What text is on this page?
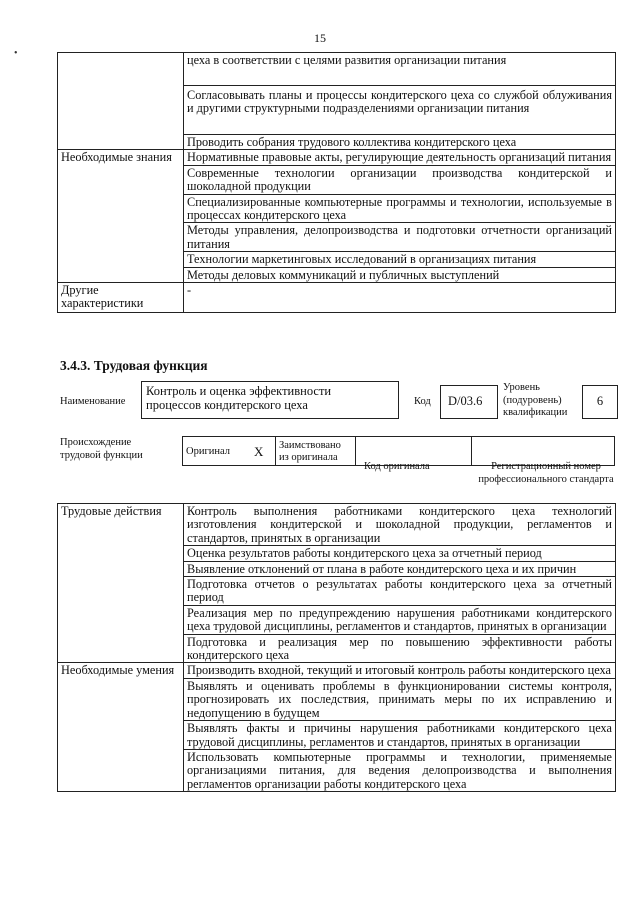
15
•
		цеха в соответствии с целями развития организации питания
	Согласовывать планы и процессы кондитерского цеха со службой облуживания и другими структурными подразделениями организации питания
	Проводить собрания трудового коллектива кондитерского цеха
Необходимые знания	Нормативные правовые акты, регулирующие деятельность организаций питания
	Современные технологии организации производства кондитерской и шоколадной продукции
	Специализированные компьютерные программы и технологии, используемые в процессах кондитерского цеха
	Методы управления, делопроизводства и подготовки отчетности организаций питания
	Технологии маркетинговых исследований в организациях питания
	Методы деловых коммуникаций и публичных выступлений
Другие характеристики	-
3.4.3. Трудовая функция
Наименование
Контроль и оценка эффективности процессов кондитерского цеха	Код D/03.6
Уровень (подуровень) квалификации
6
Происхождение трудовой функции	Оригинал	X	Заимствовано из оригинала		
Код оригинала	Регистрационный номер профессионального стандарта
Трудовые действия	Контроль выполнения работниками кондитерского цеха технологий изготовления кондитерской и шоколадной продукции, регламентов и стандартов, принятых в организации
	Оценка результатов работы кондитерского цеха за отчетный период
	Выявление отклонений от плана в работе кондитерского цеха и их причин
	Подготовка отчетов о результатах работы кондитерского цеха за отчетный период
	Реализация мер по предупреждению нарушения работниками кондитерского цеха трудовой дисциплины, регламентов и стандартов, принятых в организации
	Подготовка и реализация мер по повышению эффективности работы кондитерского цеха
Необходимые умения	Производить входной, текущий и итоговый контроль работы кондитерского цеха
	Выявлять и оценивать проблемы в функционировании системы контроля, прогнозировать их последствия, принимать меры по их исправлению и недопущению в будущем
	Выявлять факты и причины нарушения работниками кондитерского цеха трудовой дисциплины, регламентов и стандартов, принятых в организации
	Использовать компьютерные программы и технологии, применяемые организациями питания, для ведения делопроизводства и выполнения регламентов организации работы кондитерского цеха
